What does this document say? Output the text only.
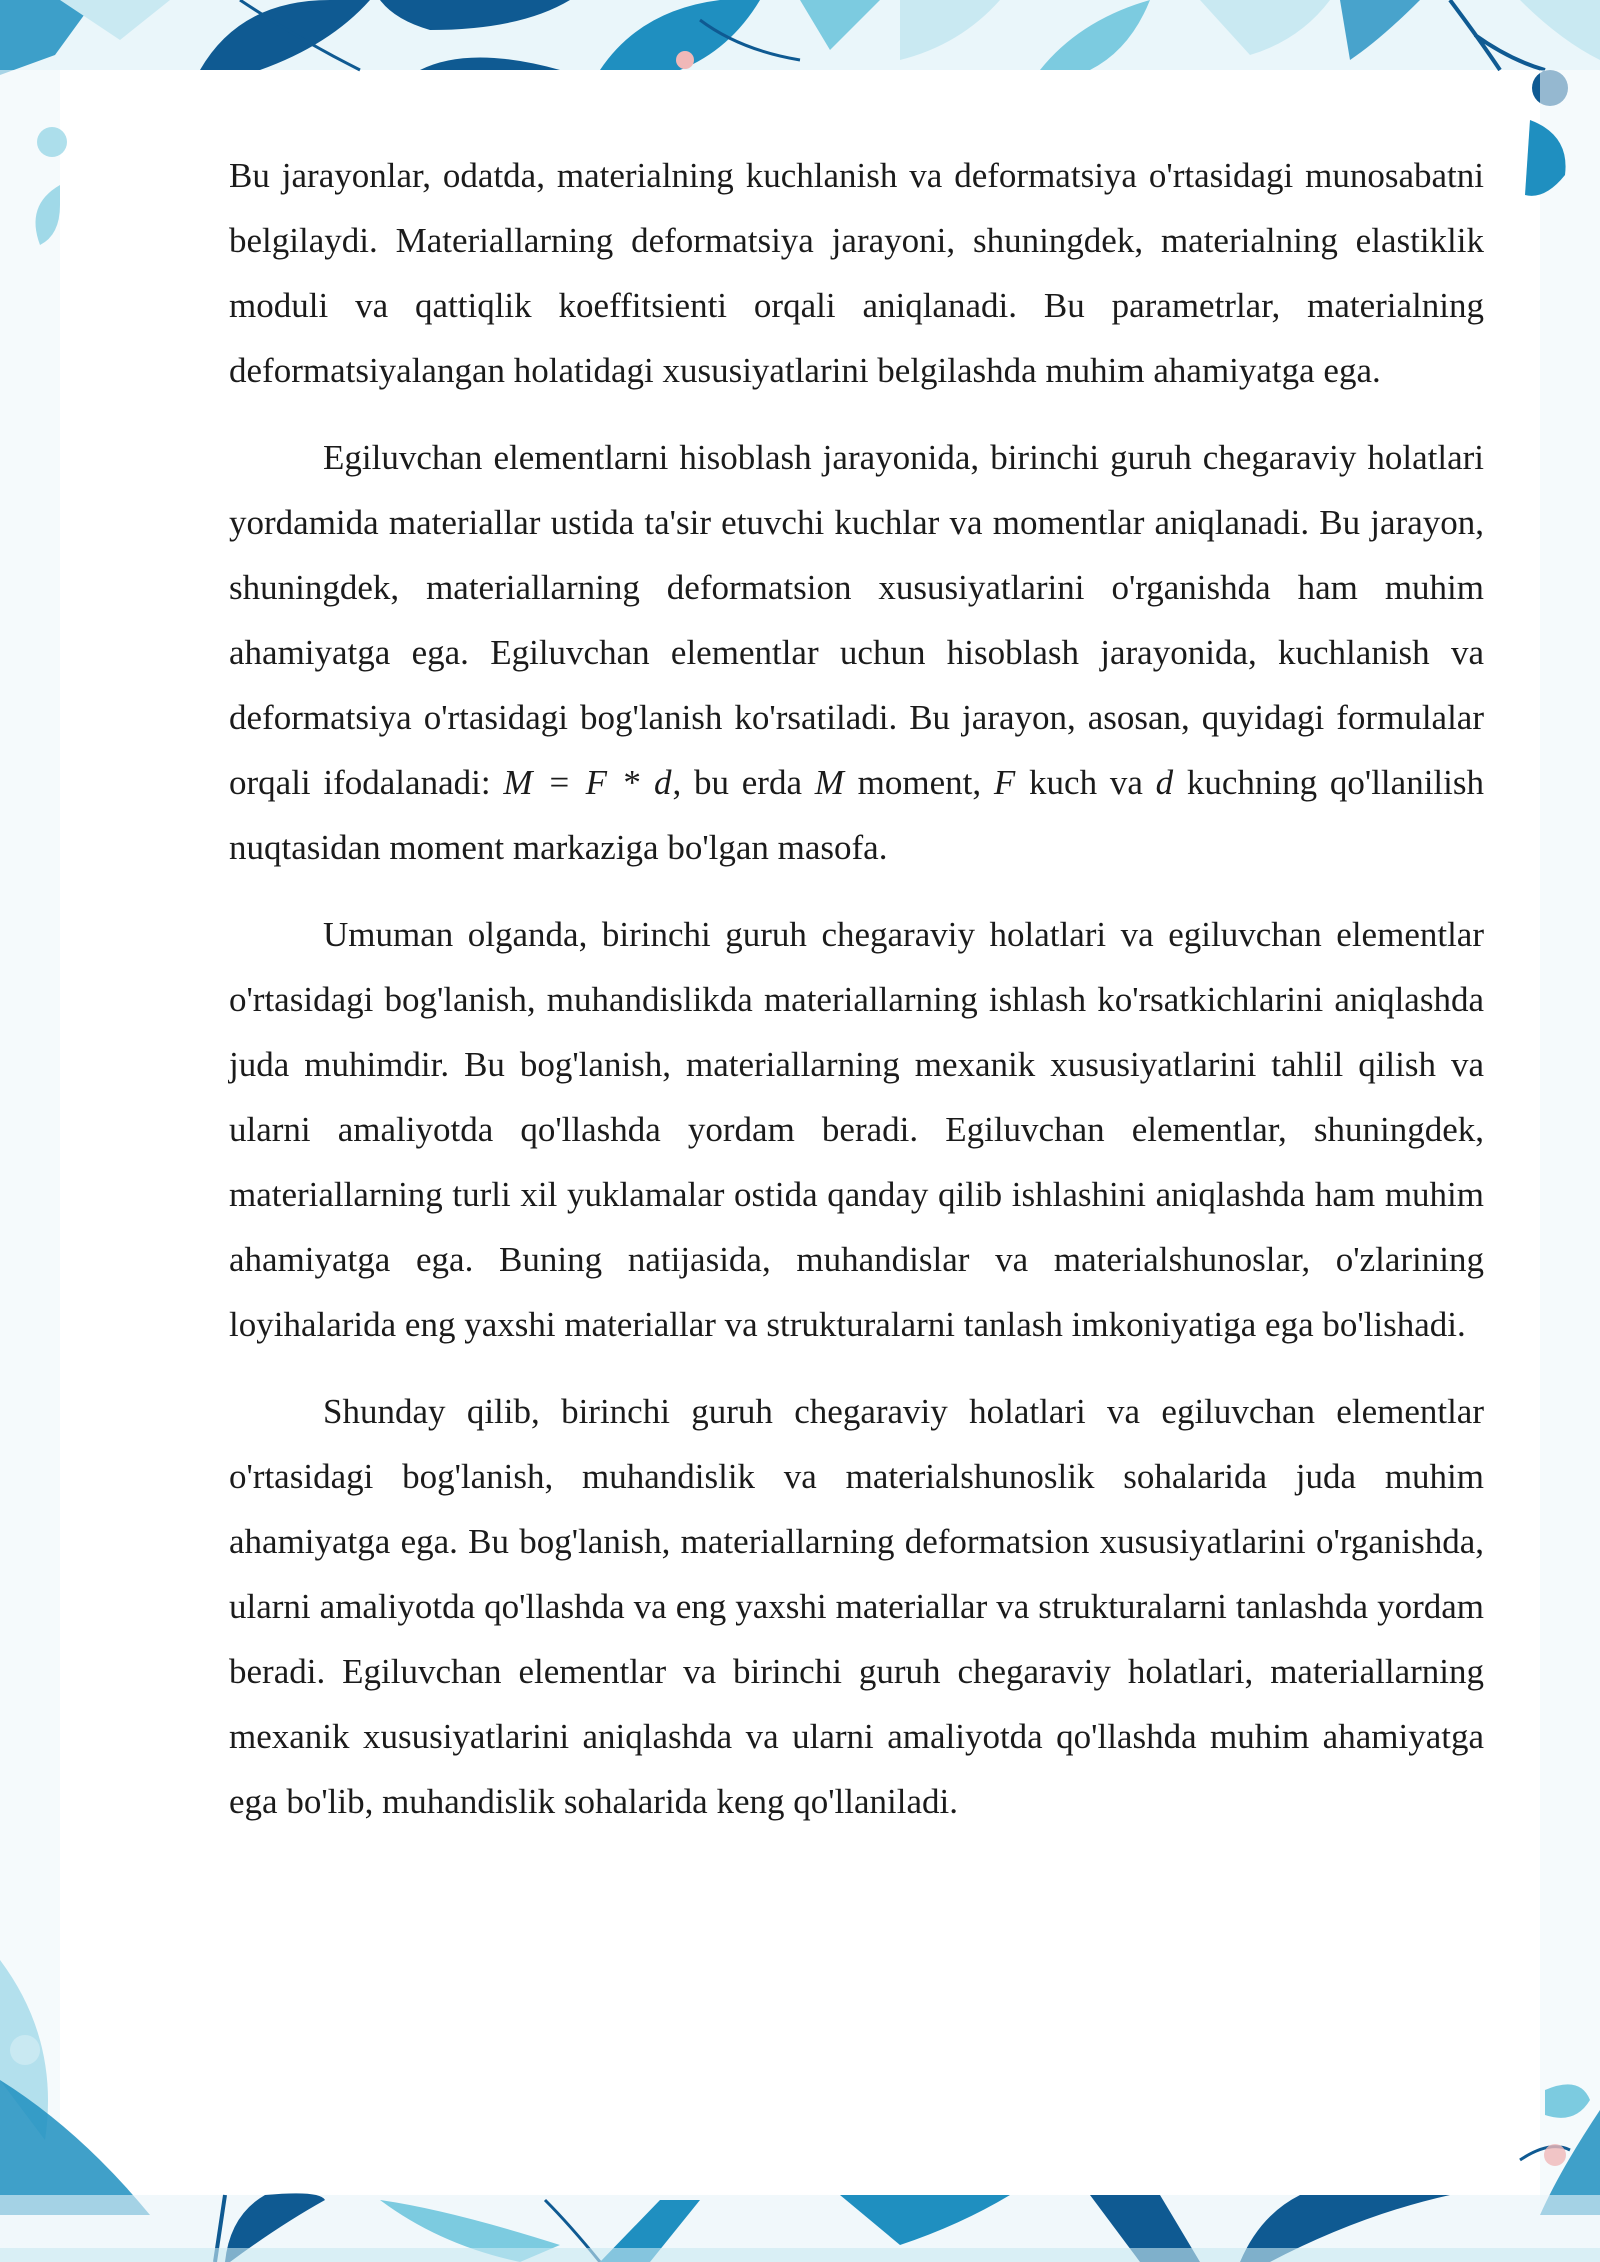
Bu jarayonlar, odatda, materialning kuchlanish va deformatsiya o'rtasidagi munosabatni belgilaydi. Materiallarning deformatsiya jarayoni, shuningdek, materialning elastiklik moduli va qattiqlik koeffitsienti orqali aniqlanadi. Bu parametrlar, materialning deformatsiyalangan holatidagi xususiyatlarini belgilashda muhim ahamiyatga ega.

Egiluvchan elementlarni hisoblash jarayonida, birinchi guruh chegaraviy holatlari yordamida materiallar ustida ta'sir etuvchi kuchlar va momentlar aniqlanadi. Bu jarayon, shuningdek, materiallarning deformatsion xususiyatlarini o'rganishda ham muhim ahamiyatga ega. Egiluvchan elementlar uchun hisoblash jarayonida, kuchlanish va deformatsiya o'rtasidagi bog'lanish ko'rsatiladi. Bu jarayon, asosan, quyidagi formulalar orqali ifodalanadi: M = F * d, bu erda M moment, F kuch va d kuchning qo'llanilish nuqtasidan moment markaziga bo'lgan masofa.

Umuman olganda, birinchi guruh chegaraviy holatlari va egiluvchan elementlar o'rtasidagi bog'lanish, muhandislikda materiallarning ishlash ko'rsatkichlarini aniqlashda juda muhimdir. Bu bog'lanish, materiallarning mexanik xususiyatlarini tahlil qilish va ularni amaliyotda qo'llashda yordam beradi. Egiluvchan elementlar, shuningdek, materiallarning turli xil yuklamalar ostida qanday qilib ishlashini aniqlashda ham muhim ahamiyatga ega. Buning natijasida, muhandislar va materialshunoslar, o'zlarining loyihalarida eng yaxshi materiallar va strukturalarni tanlash imkoniyatiga ega bo'lishadi.

Shunday qilib, birinchi guruh chegaraviy holatlari va egiluvchan elementlar o'rtasidagi bog'lanish, muhandislik va materialshunoslik sohalarida juda muhim ahamiyatga ega. Bu bog'lanish, materiallarning deformatsion xususiyatlarini o'rganishda, ularni amaliyotda qo'llashda va eng yaxshi materiallar va strukturalarni tanlashda yordam beradi. Egiluvchan elementlar va birinchi guruh chegaraviy holatlari, materiallarning mexanik xususiyatlarini aniqlashda va ularni amaliyotda qo'llashda muhim ahamiyatga ega bo'lib, muhandislik sohalarida keng qo'llaniladi.
